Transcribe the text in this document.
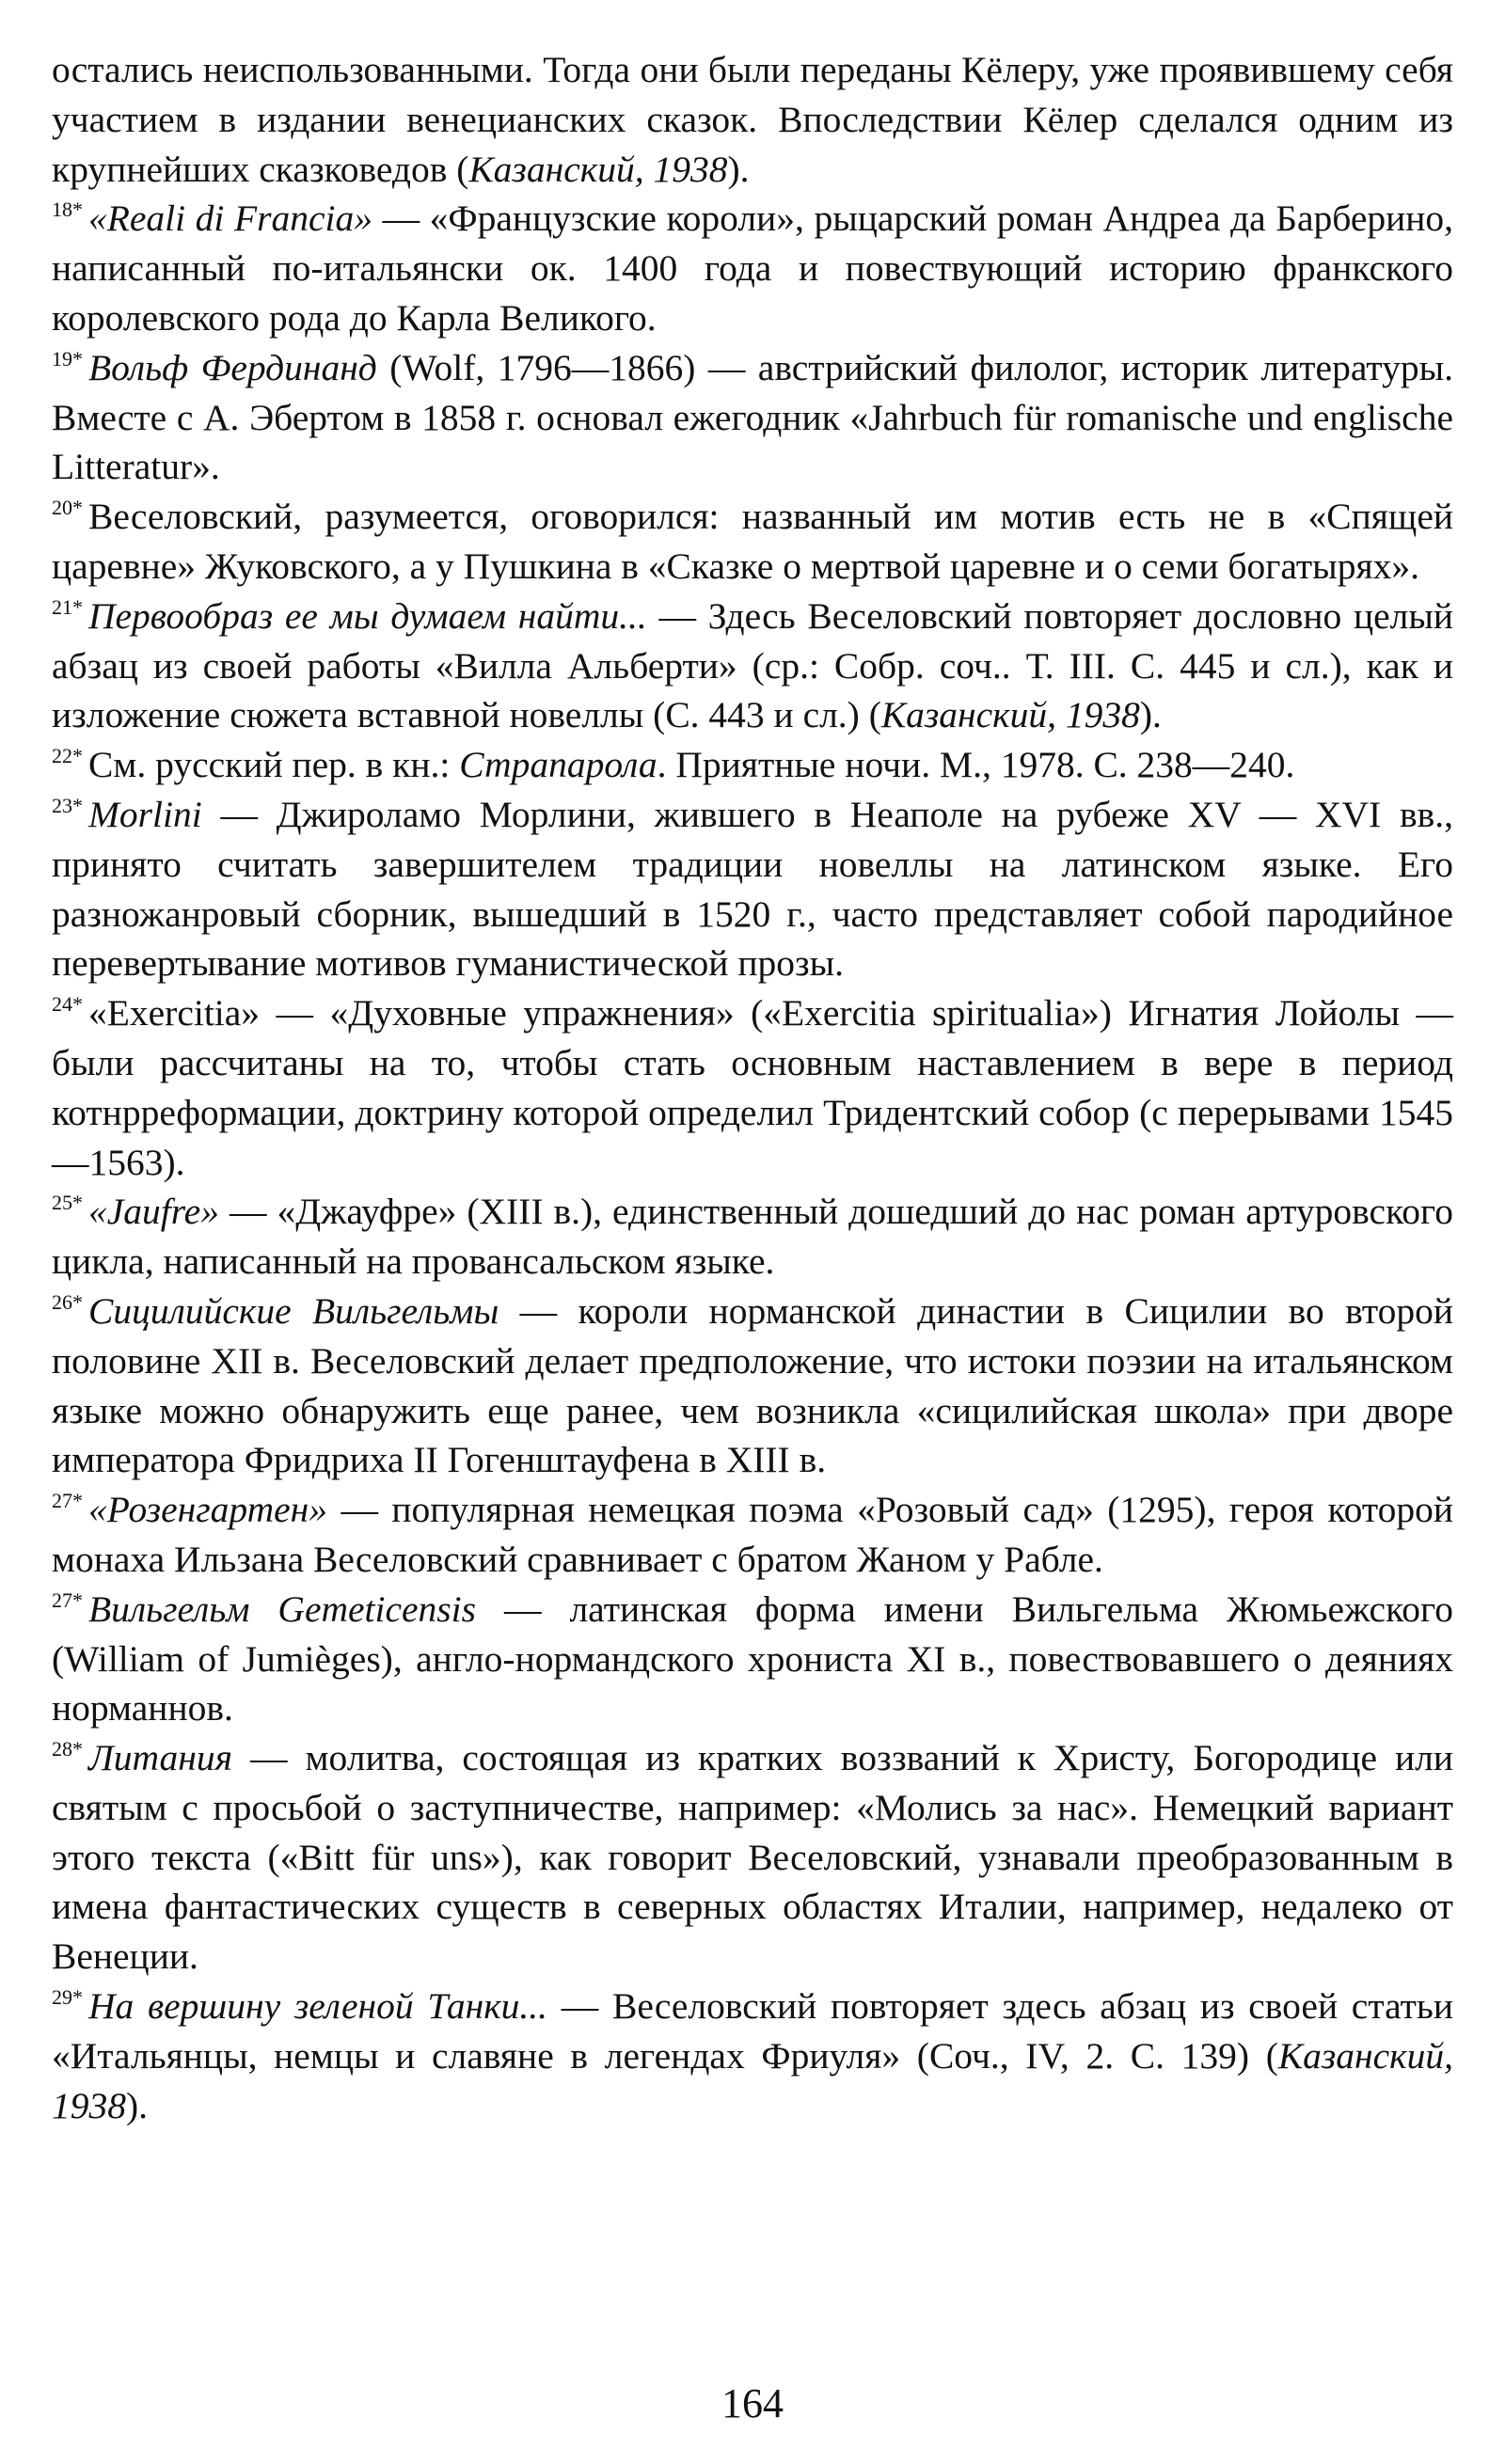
остались неиспользованными. Тогда они были переданы Кёлеру, уже проявившему себя участием в издании венецианских сказок. Впоследствии Кёлер сделался одним из крупнейших сказковедов (Казанский, 1938).

$^{18*}$ «Reali di Francia» — «Французские короли», рыцарский роман Андреа да Барберино, написанный по-итальянски ок. 1400 года и повествующий историю франкского королевского рода до Карла Великого.

$^{19*}$ Вольф Фердинанд (Wolf, 1796—1866) — австрийский филолог, историк литературы. Вместе с А. Эбертом в 1858 г. основал ежегодник «Jahrbuch für romanische und englische Litteratur».

$^{20*}$ Веселовский, разумеется, оговорился: названный им мотив есть не в «Спящей царевне» Жуковского, а у Пушкина в «Сказке о мертвой царевне и о семи богатырях».

$^{21*}$ Первообраз ее мы думаем найти... — Здесь Веселовский повторяет дословно целый абзац из своей работы «Вилла Альберти» (ср.: Собр. соч.. Т. III. С. 445 и сл.), как и изложение сюжета вставной новеллы (С. 443 и сл.) (Казанский, 1938).

$^{22*}$ См. русский пер. в кн.: Страпарола. Приятные ночи. М., 1978. С. 238—240.

$^{23*}$ Morlini — Джироламо Морлини, жившего в Неаполе на рубеже XV — XVI вв., принято считать завершителем традиции новеллы на латинском языке. Его разножанровый сборник, вышедший в 1520 г., часто представляет собой пародийное перевертывание мотивов гуманистической прозы.

$^{24*}$ «Exercitia» — «Духовные упражнения» («Exercitia spiritualia») Игнатия Лойолы — были рассчитаны на то, чтобы стать основным наставлением в вере в период котнрреформации, доктрину которой определил Тридентский собор (с перерывами 1545—1563).

$^{25*}$ «Jaufre» — «Джауфре» (XIII в.), единственный дошедший до нас роман артуровского цикла, написанный на провансальском языке.

$^{26*}$ Сицилийские Вильгельмы — короли норманской династии в Сицилии во второй половине XII в. Веселовский делает предположение, что истоки поэзии на итальянском языке можно обнаружить еще ранее, чем возникла «сицилийская школа» при дворе императора Фридриха II Гогенштауфена в XIII в.

$^{27*}$ «Розенгартен» — популярная немецкая поэма «Розовый сад» (1295), героя которой монаха Ильзана Веселовский сравнивает с братом Жаном у Рабле.

$^{27*}$ Вильгельм Gemeticensis — латинская форма имени Вильгельма Жюмьежского (William of Jumièges), англо-нормандского хрониста XI в., повествовавшего о деяниях норманнов.

$^{28*}$ Литания — молитва, состоящая из кратких воззваний к Христу, Богородице или святым с просьбой о заступничестве, например: «Молись за нас». Немецкий вариант этого текста («Bitt für uns»), как говорит Веселовский, узнавали преобразованным в имена фантастических существ в северных областях Италии, например, недалеко от Венеции.

$^{29*}$ На вершину зеленой Танки... — Веселовский повторяет здесь абзац из своей статьи «Итальянцы, немцы и славяне в легендах Фриуля» (Соч., IV, 2. С. 139) (Казанский, 1938).

164
